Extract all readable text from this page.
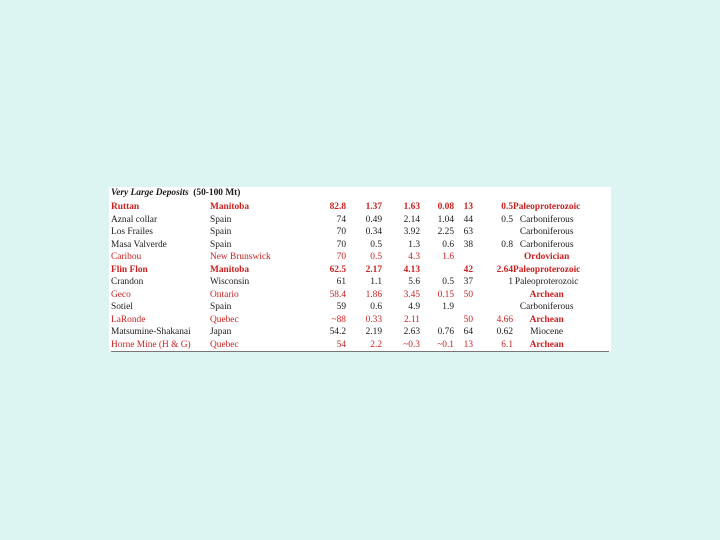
Very Large Deposits (50-100 Mt)								
Ruttan	Manitoba	82.8	1.37	1.63	0.08	13	0.5	Paleoproterozoic
Aznal collar	Spain	74	0.49	2.14	1.04	44	0.5	Carboniferous
Los Frailes	Spain	70	0.34	3.92	2.25	63		Carboniferous
Masa Valverde	Spain	70	0.5	1.3	0.6	38	0.8	Carboniferous
Caribou	New Brunswick	70	0.5	4.3	1.6			Ordovician
Flin Flon	Manitoba	62.5	2.17	4.13		42	2.64	Paleoproterozoic
Crandon	Wisconsin	61	1.1	5.6	0.5	37	1	Paleoproterozoic
Geco	Ontario	58.4	1.86	3.45	0.15	50		Archean
Sotiel	Spain	59	0.6	4.9	1.9			Carboniferous
LaRonde	Quebec	~88	0.33	2.11		50	4.66	Archean
Matsumine-Shakanai	Japan	54.2	2.19	2.63	0.76	64	0.62	Miocene
Horne Mine (H & G)	Quebec	54	2.2	~0.3	~0.1	13	6.1	Archean
